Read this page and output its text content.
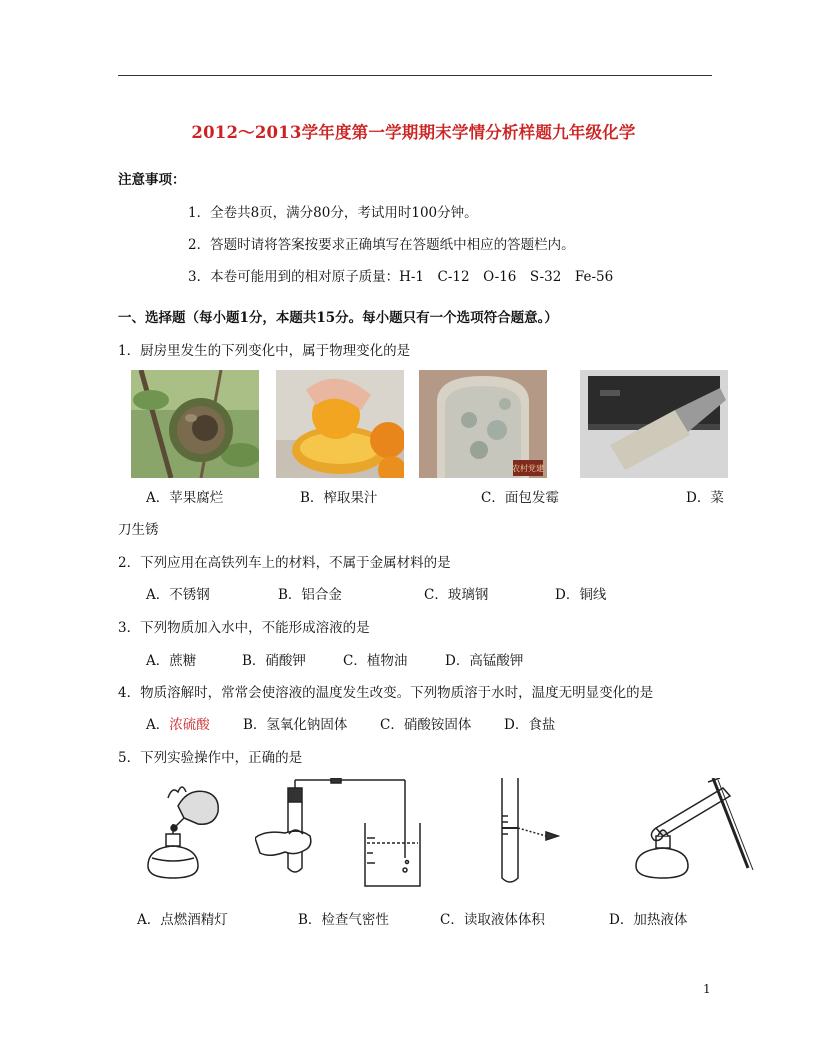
2012～2013学年度第一学期期末学情分析样题九年级化学
注意事项：
1．全卷共8页，满分80分，考试用时100分钟。
2．答题时请将答案按要求正确填写在答题纸中相应的答题栏内。
3．本卷可能用到的相对原子质量：H-1　C-12　O-16　S-32　Fe-56
一、选择题（每小题1分，本题共15分。每小题只有一个选项符合题意。）
1．厨房里发生的下列变化中，属于物理变化的是
农村党建
A．苹果腐烂	B．榨取果汁	C．面包发霉	D．菜
刀生锈
2．下列应用在高铁列车上的材料，不属于金属材料的是
A．不锈钢	B．铝合金	C．玻璃钢	D．铜线
3．下列物质加入水中，不能形成溶液的是
A．蔗糖	B．硝酸钾	C．植物油	D．高锰酸钾
4．物质溶解时，常常会使溶液的温度发生改变。下列物质溶于水时，温度无明显变化的是
A．浓硫酸 B．氢氧化钠固体 C．硝酸铵固体 D．食盐
5．下列实验操作中，正确的是
A．点燃酒精灯	B．检查气密性	C．读取液体体积	D．加热液体
1
